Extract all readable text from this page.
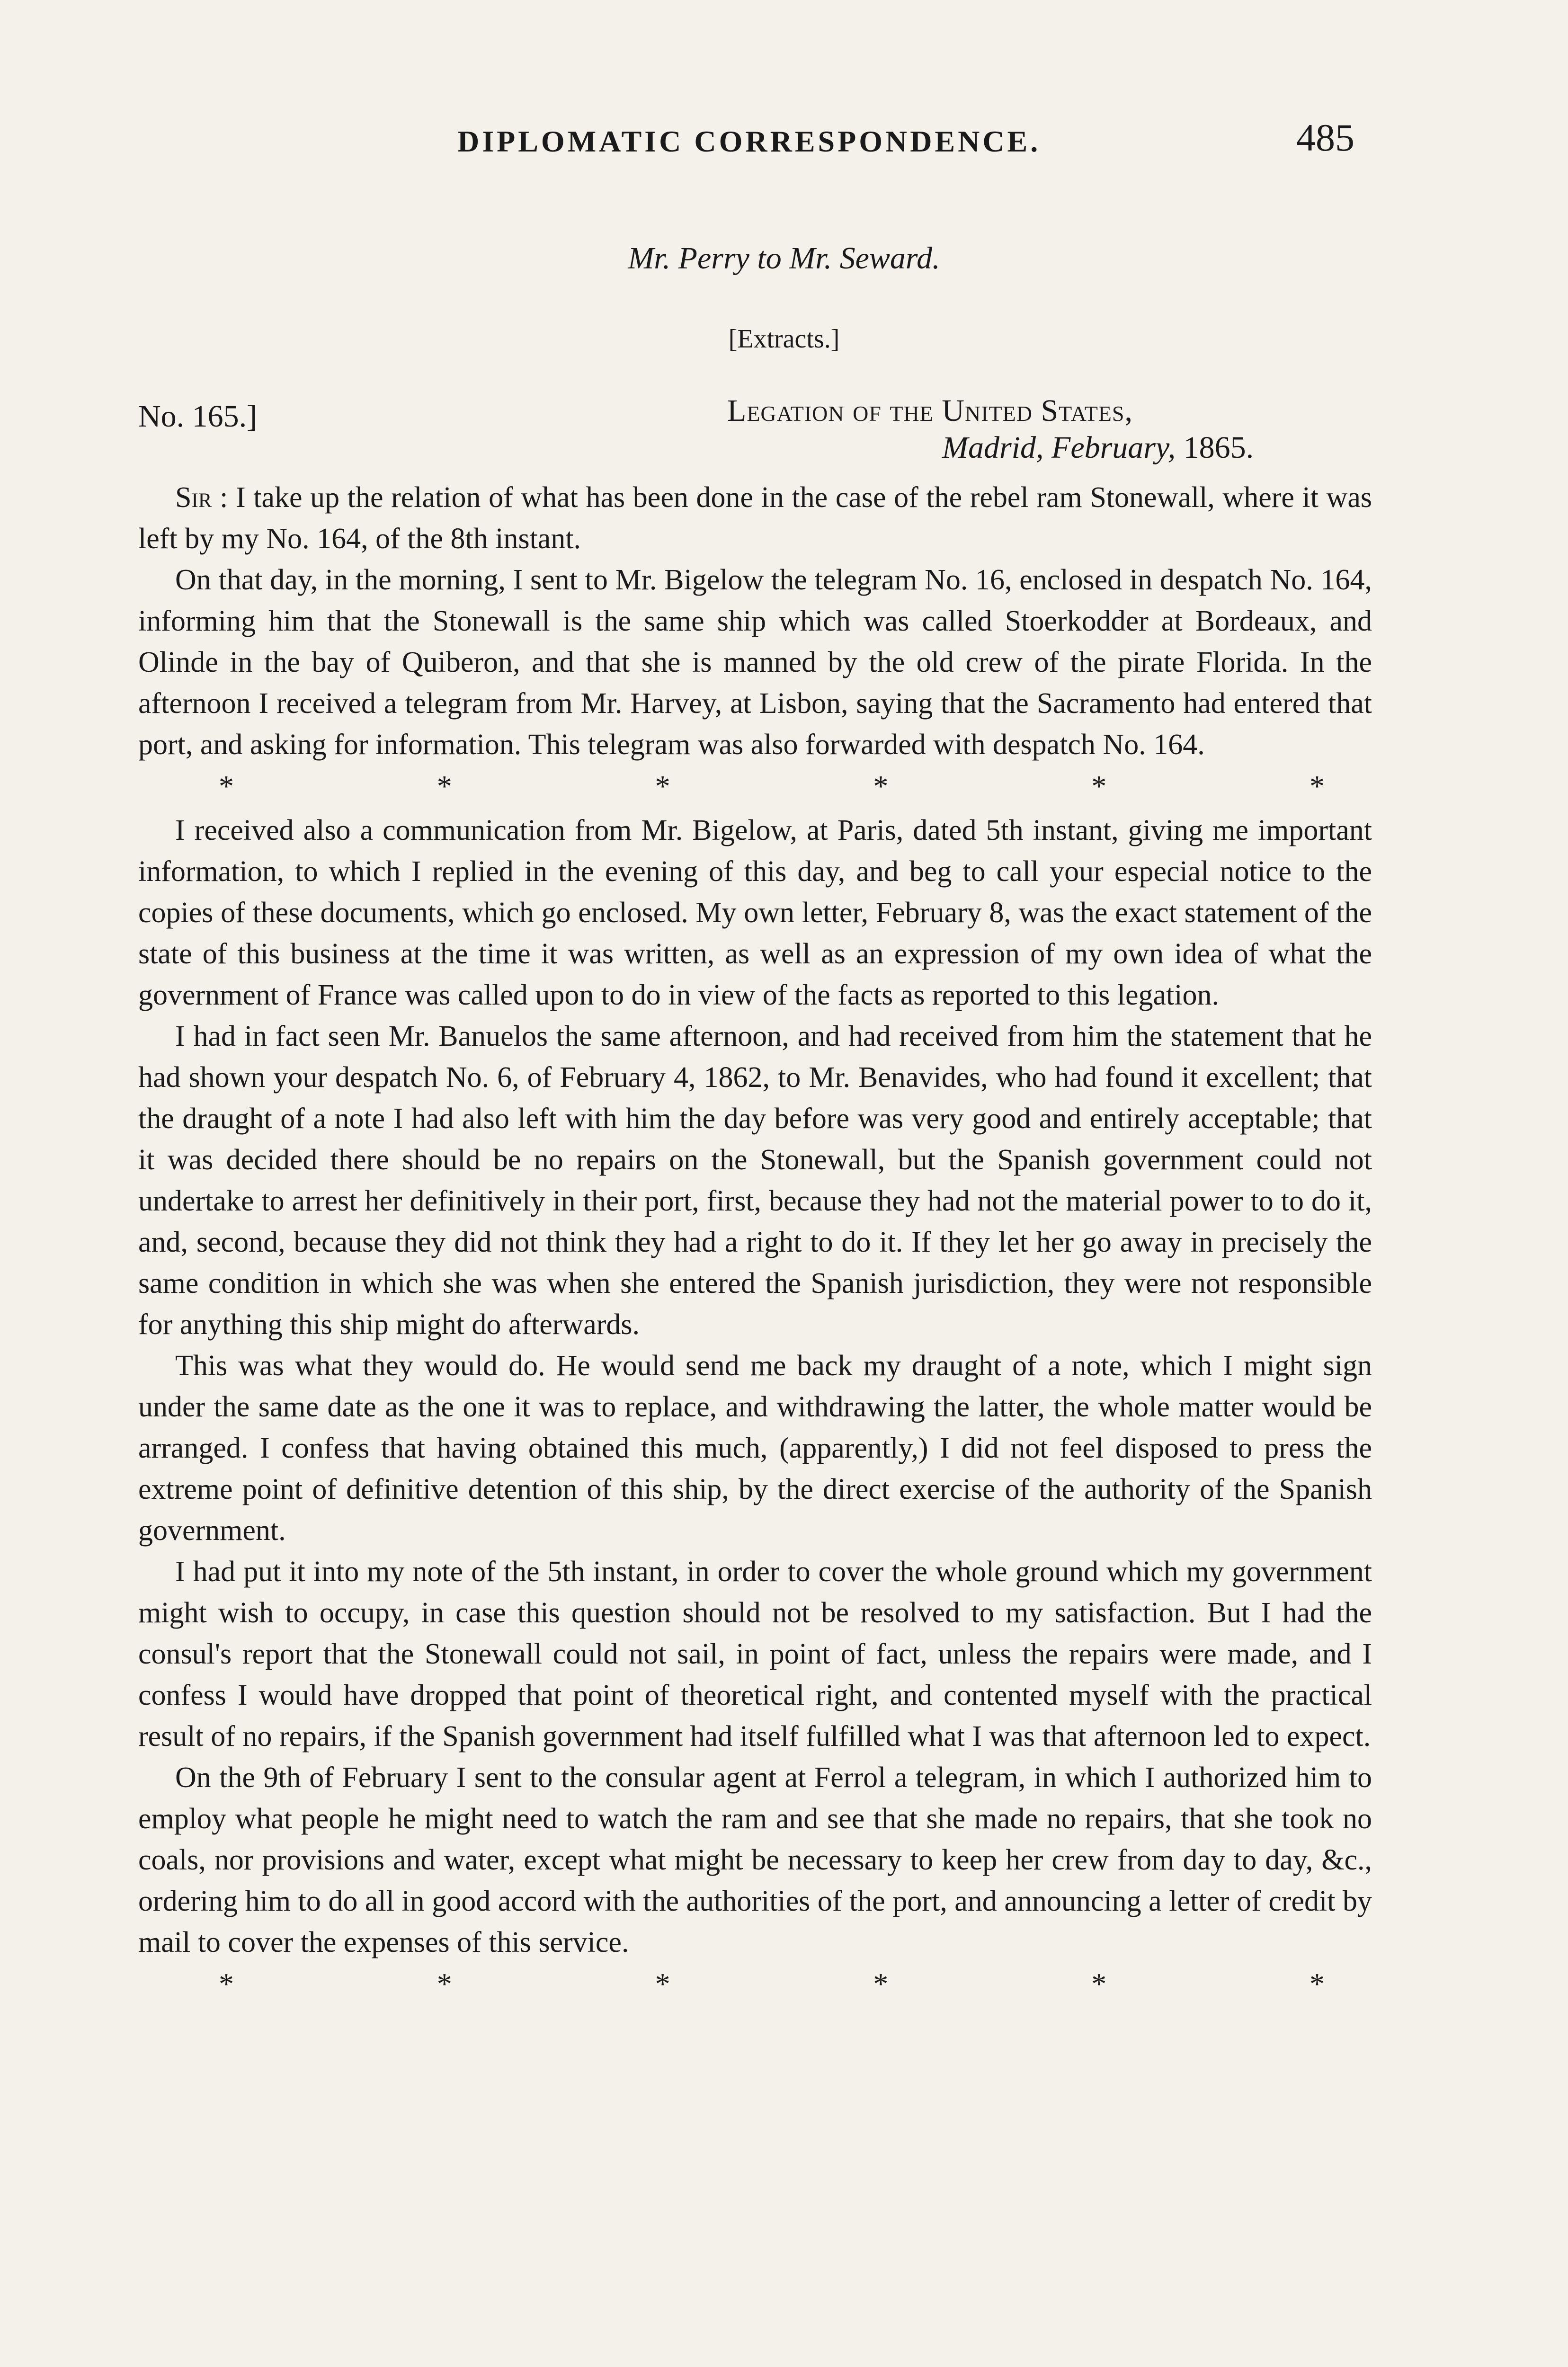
DIPLOMATIC CORRESPONDENCE.	485
Mr. Perry to Mr. Seward.
[Extracts.]
No. 165.]	Legation of the United States,
Madrid, February, 1865.

Sir : I take up the relation of what has been done in the case of the rebel ram Stonewall, where it was left by my No. 164, of the 8th instant.

On that day, in the morning, I sent to Mr. Bigelow the telegram No. 16, enclosed in despatch No. 164, informing him that the Stonewall is the same ship which was called Stoerkodder at Bordeaux, and Olinde in the bay of Quiberon, and that she is manned by the old crew of the pirate Florida. In the afternoon I received a telegram from Mr. Harvey, at Lisbon, saying that the Sacramento had entered that port, and asking for information. This telegram was also forwarded with despatch No. 164.

*	*	*	*	*	*

I received also a communication from Mr. Bigelow, at Paris, dated 5th instant, giving me important information, to which I replied in the evening of this day, and beg to call your especial notice to the copies of these documents, which go enclosed. My own letter, February 8, was the exact statement of the state of this business at the time it was written, as well as an expression of my own idea of what the government of France was called upon to do in view of the facts as reported to this legation.

I had in fact seen Mr. Banuelos the same afternoon, and had received from him the statement that he had shown your despatch No. 6, of February 4, 1862, to Mr. Benavides, who had found it excellent; that the draught of a note I had also left with him the day before was very good and entirely acceptable; that it was decided there should be no repairs on the Stonewall, but the Spanish government could not undertake to arrest her definitively in their port, first, because they had not the material power to to do it, and, second, because they did not think they had a right to do it. If they let her go away in precisely the same condition in which she was when she entered the Spanish jurisdiction, they were not responsible for anything this ship might do afterwards.

This was what they would do. He would send me back my draught of a note, which I might sign under the same date as the one it was to replace, and withdrawing the latter, the whole matter would be arranged. I confess that having obtained this much, (apparently,) I did not feel disposed to press the extreme point of definitive detention of this ship, by the direct exercise of the authority of the Spanish government.

I had put it into my note of the 5th instant, in order to cover the whole ground which my government might wish to occupy, in case this question should not be resolved to my satisfaction. But I had the consul's report that the Stonewall could not sail, in point of fact, unless the repairs were made, and I confess I would have dropped that point of theoretical right, and contented myself with the practical result of no repairs, if the Spanish government had itself fulfilled what I was that afternoon led to expect.

On the 9th of February I sent to the consular agent at Ferrol a telegram, in which I authorized him to employ what people he might need to watch the ram and see that she made no repairs, that she took no coals, nor provisions and water, except what might be necessary to keep her crew from day to day, &c., ordering him to do all in good accord with the authorities of the port, and announcing a letter of credit by mail to cover the expenses of this service.

*	*	*	*	*	*
